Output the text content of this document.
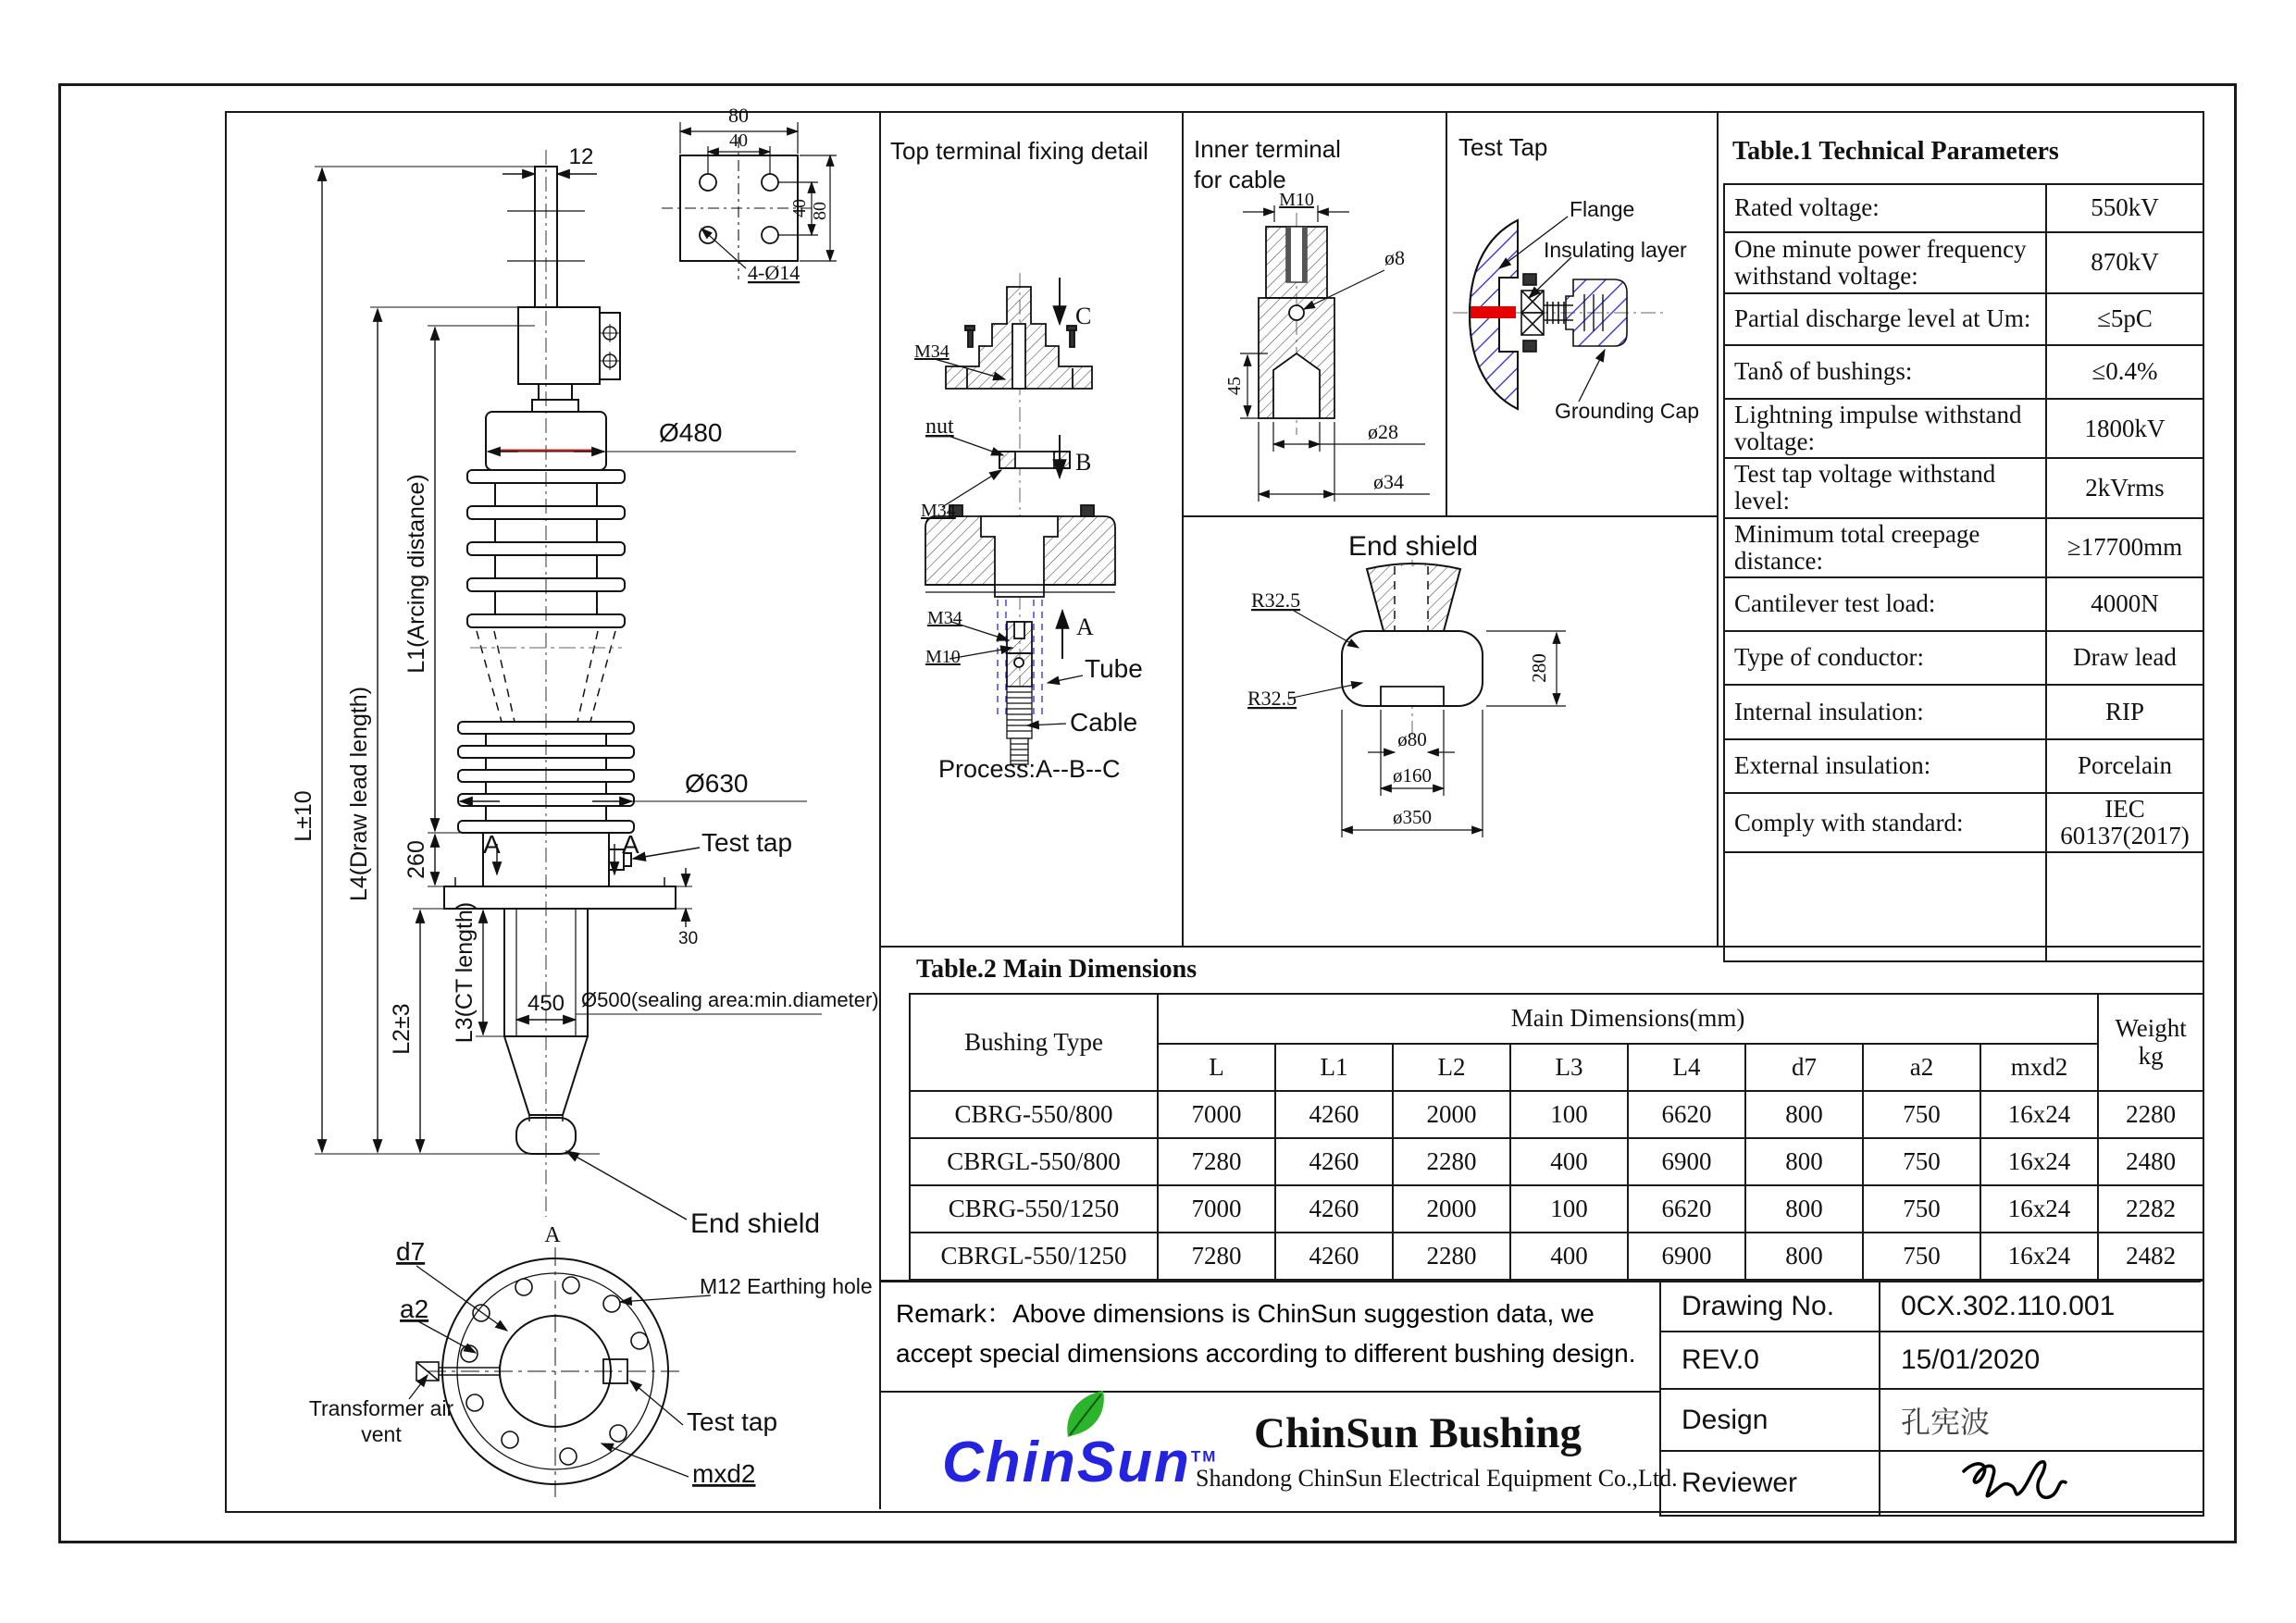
12
Ø480
Ø630
L±10 L4(Draw lead length)
L1(Arcing distance)
260
L2±3 L3(CT length)
Test tap
A	A
30
450 Ø500(sealing area:min.diameter)
End shield
80
40
40 80
4-Ø14
A
d7
a2
M12 Earthing hole
Transformer air
vent	Test tap
mxd2
Top terminal fixing detail
M34
C
nut
B
M34
A
M34
M10	Tube
Cable
Process:A--B--C
Inner terminal
for cable
M10
ø8
45
ø28
ø34
Test Tap
Flange
Insulating layer
Grounding Cap
End shield
R32.5
R32.5
280
ø80
ø160
ø350
Table.1 Technical Parameters
Rated voltage:	550kV
One minute power frequency withstand voltage:	870kV
Partial discharge level at Um:	≤5pC
Tanδ of bushings:	≤0.4%
Lightning impulse withstand voltage:	1800kV
Test tap voltage withstand level:	2kVrms
Minimum total creepage distance:	≥17700mm
Cantilever test load:	4000N
Type of conductor:	Draw lead
Internal insulation:	RIP
External insulation:	Porcelain
Comply with standard:	IEC 60137(2017)

Table.2 Main Dimensions
Bushing Type	Main Dimensions(mm)								Weight
kg
	L	L1	L2	L3	L4	d7	a2	mxd2	
CBRG-550/800	7000	4260	2000	100	6620	800	750	16x24	2280
CBRGL-550/800	7280	4260	2280	400	6900	800	750	16x24	2480
CBRG-550/1250	7000	4260	2000	100	6620	800	750	16x24	2282
CBRGL-550/1250	7280	4260	2280	400	6900	800	750	16x24	2482
Remark：Above dimensions is ChinSun suggestion data, we accept special dimensions according to different bushing design.
ChinSun™ ChinSun Bushing
Shandong ChinSun Electrical Equipment Co.,Ltd.
Drawing No.	0CX.302.110.001
REV.0	15/01/2020
Design	孔宪波
Reviewer	
